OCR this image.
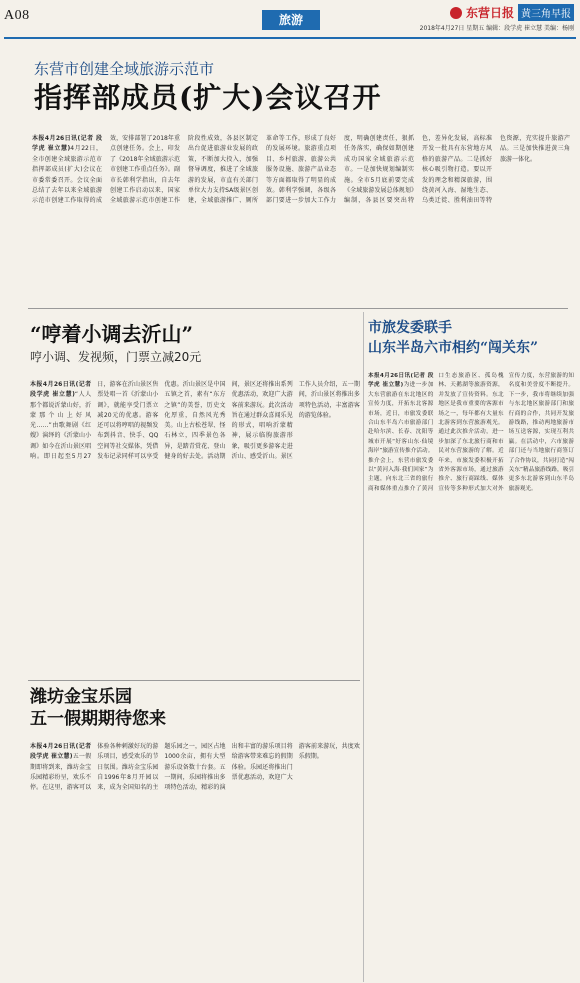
A08	旅游	东营日报 黄三角早报
2018年4月27日 星期五 编辑：段学虎 崔立慧 美编：杨刚
东营市创建全域旅游示范市
指挥部成员(扩大)会议召开
本报4月26日讯(记者 段学虎 崔立慧)4月22日，全市创建全域旅游示范市指挥部成员(扩大)会议在市委常委召开。会议全面总结了去年以来全域旅游示范市创建工作取得的成效，安排部署了2018年重点创建任务。会上，印发了《2018年全域旅游示范市创建工作重点任务》。副市长韩利学指出，自去年创建工作启动以来，国家全域旅游示范市创建工作阶段性成效，各县区制定出台促进旅游业发展的政策，不断加大投入，加强督导调度，推进了全域旅游的发展，市直有关部门单位大力支持SA级景区创建，全域旅游推广、厕所革命等工作，形成了良好的发展环境。旅游重点项目、乡村旅游、旅游公共服务设施、旅游产品业态等方面都取得了明显的成效。韩利学强调，各级各部门要进一步加大工作力度，明确创建责任，狠抓任务落实，确保如期创建成功国家全域旅游示范市。一是加快规划编制实施。全市5月底前要完成《全域旅游发展总体规划》编制，各县区要突出特色，差异化发展，高标准开发一批具有东营地方风格的旅游产品。二是抓好核心吸引物打造。要以开发的理念和精深旅游，围绕黄河入海、湿地生态、乌类迁徙、胜利油田等特色资源，充实提升旅游产品。三是加快推进黄三角旅游一体化。
“哼着小调去沂山”
哼小调、发视频，门票立减20元
本报4月26日讯(记者 段学虎 崔立慧)“人人那个都说沂蒙山好，沂蒙那个山上好风光……”由歌舞剧《红嫂》演绎的《沂蒙山小调》如今在沂山景区唱响。即日起至5月27日，游客在沂山景区售票处唱一首《沂蒙山小调》，就能享受门票立减20元的优惠。游客还可以将哼唱的视频发布到抖音、快手、QQ空间等社交媒体，凭借发布记录同样可以享受优惠。沂山景区是中国五镇之首，素有“东方之镇”的美誉，历史文化厚重，自然风光秀美。山上古松苍翠、怪石林立，四季景色各异，是踏青赏花、登山健身的好去处。活动期间，景区还将推出系列优惠活动，欢迎广大游客前来游玩。此次活动旨在通过群众喜闻乐见的形式，唱响沂蒙精神，展示临朐旅游形象，吸引更多游客走进沂山、感受沂山。景区工作人员介绍，五一期间，沂山景区将推出多项特色活动，丰富游客的游览体验。
市旅发委联手
山东半岛六市相约“闯关东”
本报4月26日讯(记者 段学虎 崔立慧)为进一步加大东营旅游在东北地区的宣传力度，开拓东北客源市场，近日，市旅发委联合山东半岛六市旅游部门赴哈尔滨、长春、沈阳等城市开展“好客山东·仙境海岸”旅游宣传推介活动。推介会上，东营市旅发委以“黄河入海·我们回家”为主题，向东北三省的旅行商和媒体重点推介了黄河口生态旅游区、孤岛槐林、天鹅湖等旅游资源，并发放了宣传资料。东北地区是我市重要的客源市场之一，每年都有大量东北游客到东营旅游观光。通过此次推介活动，进一步加深了东北旅行商和市民对东营旅游的了解。近年来，市旅发委积极开拓省外客源市场，通过旅游推介、旅行商踩线、媒体宣传等多种形式加大对外宣传力度，东营旅游的知名度和美誉度不断提升。下一步，我市将继续加强与东北地区旅游部门和旅行商的合作，共同开发旅游线路，推动两地旅游市场互送客源，实现互利共赢。在活动中，六市旅游部门还与当地旅行商签订了合作协议，共同打造“闯关东”精品旅游线路，吸引更多东北游客到山东半岛旅游观光。
潍坊金宝乐园
五一假期期待您来
本报4月26日讯(记者 段学虎 崔立慧)五一假期即将到来，潍坊金宝乐园精彩纷呈，欢乐不停。在这里，游客可以体验各种刺激好玩的游乐项目，感受欢乐的节日氛围。潍坊金宝乐园自1996年8月开园以来，成为全国知名的主题乐园之一，园区占地1000余亩，拥有大型游乐设备数十台套。五一期间，乐园将推出多项特色活动，精彩的演出和丰富的游乐项目将给游客带来难忘的假期体验。乐园还将推出门票优惠活动，欢迎广大游客前来游玩，共度欢乐假期。
